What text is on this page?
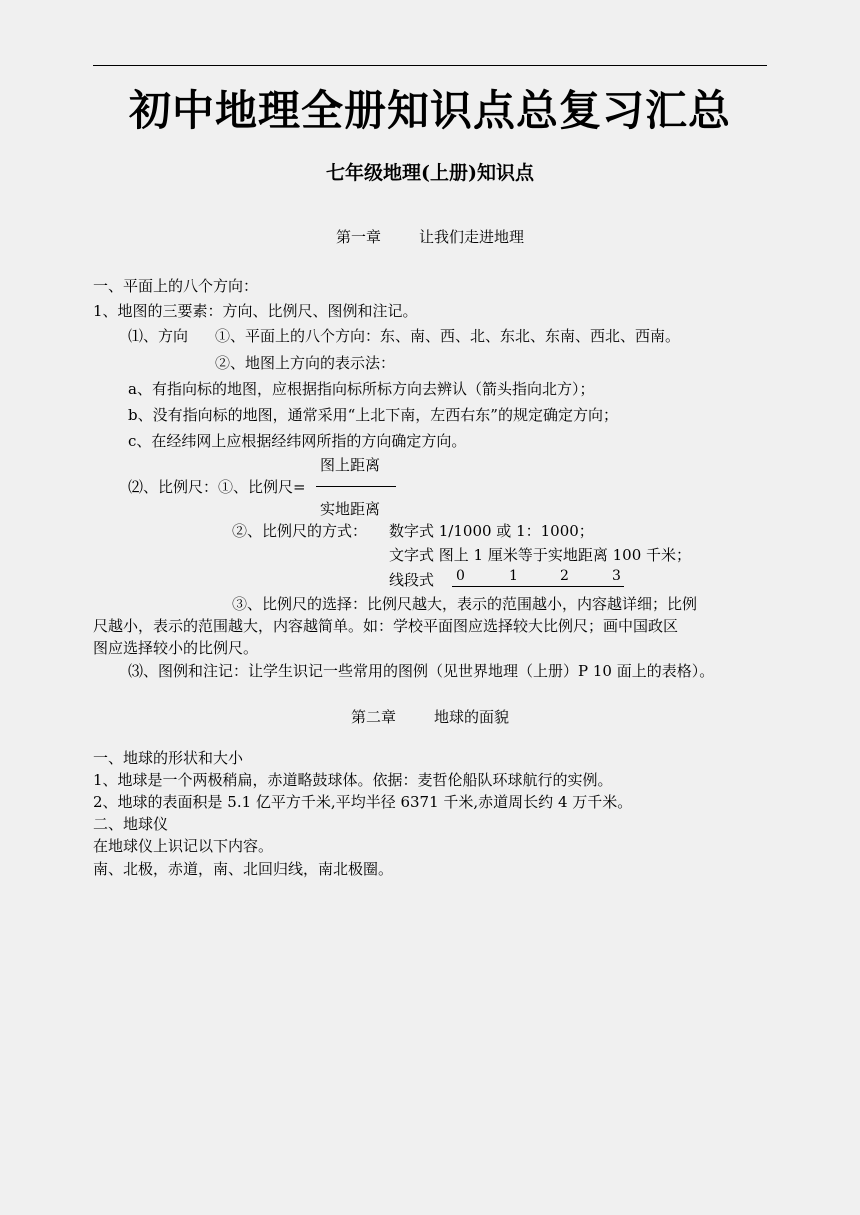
初中地理全册知识点总复习汇总
七年级地理(上册)知识点
第一章	让我们走进地理
一、平面上的八个方向：
1、地图的三要素：方向、比例尺、图例和注记。
⑴、方向 ①、平面上的八个方向：东、南、西、北、东北、东南、西北、西南。
②、地图上方向的表示法：
a、有指向标的地图，应根据指向标所标方向去辨认（箭头指向北方）；
b、没有指向标的地图，通常采用“上北下南，左西右东”的规定确定方向；
c、在经纬网上应根据经纬网所指的方向确定方向。
图上距离
⑵、比例尺：①、比例尺=
实地距离
②、比例尺的方式： 数字式 1/1000 或 1：1000；
文字式 图上 1 厘米等于实地距离 100 千米；
线段式 0	1	2	3
③、比例尺的选择：比例尺越大，表示的范围越小，内容越详细；比例
尺越小，表示的范围越大，内容越简单。如：学校平面图应选择较大比例尺；画中国政区
图应选择较小的比例尺。
⑶、图例和注记：让学生识记一些常用的图例（见世界地理（上册）P 10 面上的表格）。
第二章	地球的面貌
一、地球的形状和大小
1、地球是一个两极稍扁，赤道略鼓球体。依据：麦哲伦船队环球航行的实例。
2、地球的表面积是 5.1 亿平方千米,平均半径 6371 千米,赤道周长约 4 万千米。
二、地球仪
在地球仪上识记以下内容。
南、北极，赤道，南、北回归线，南北极圈。
